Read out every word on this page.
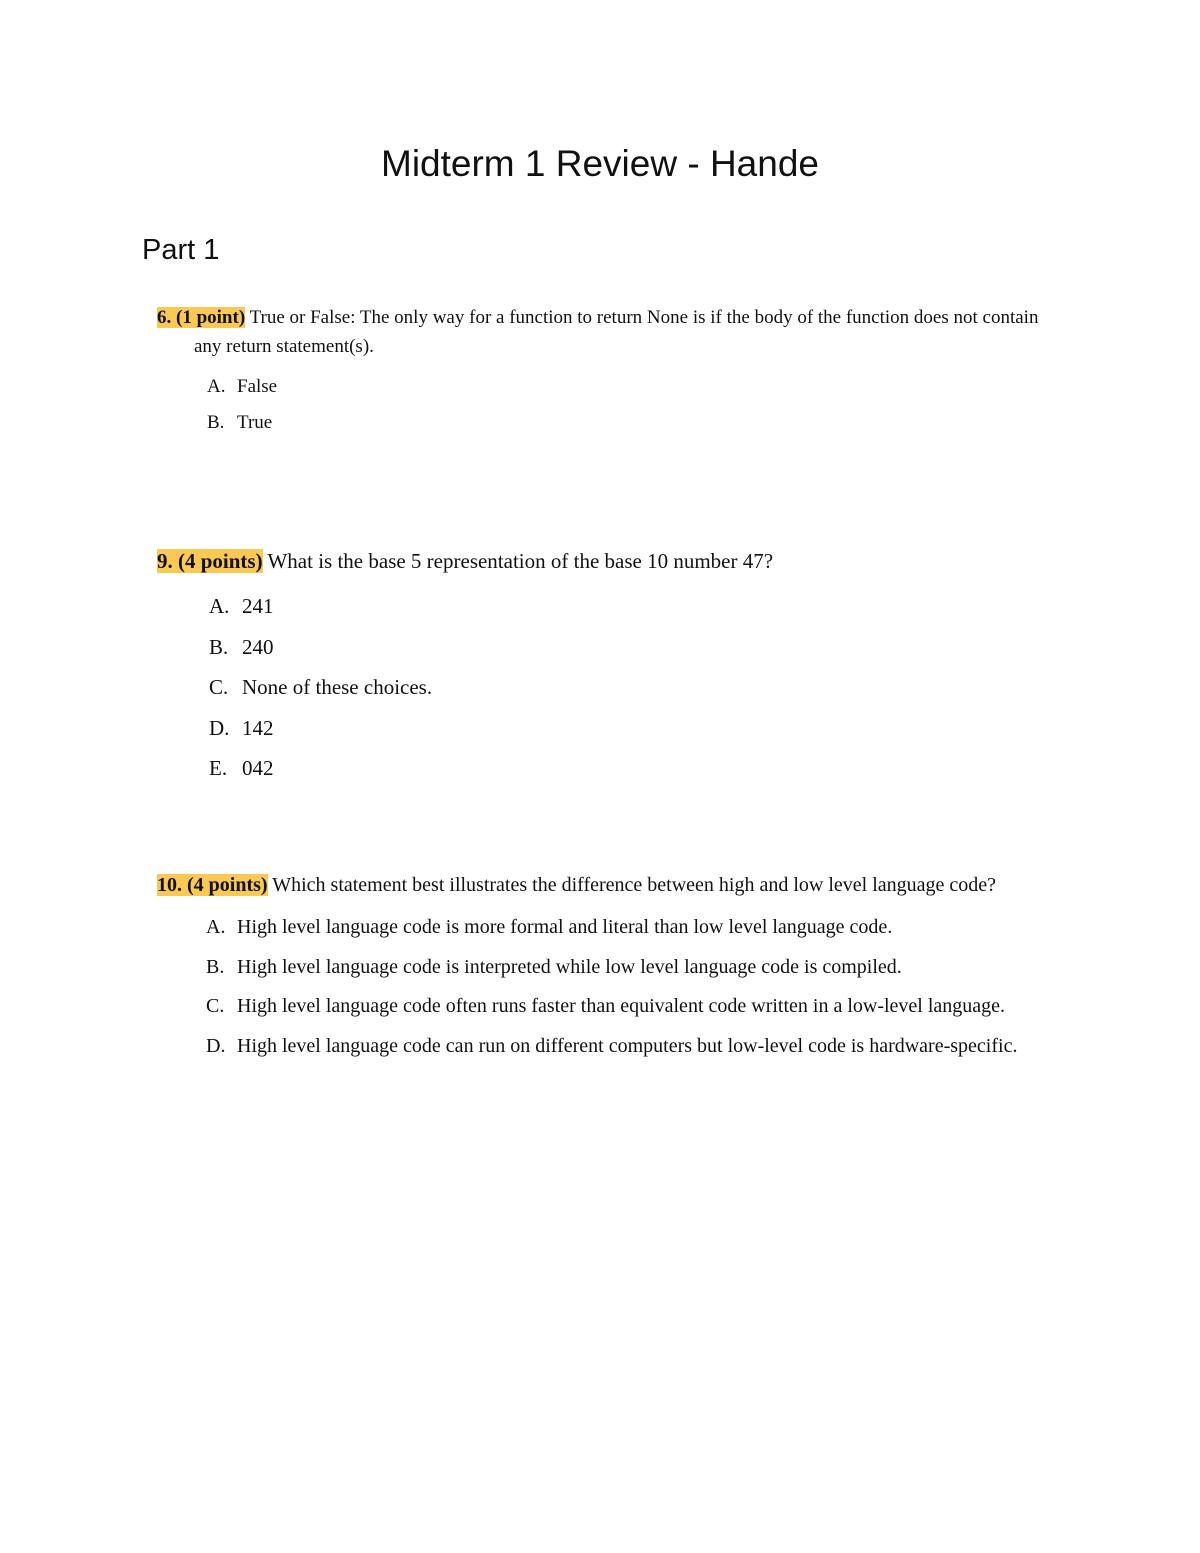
Midterm 1 Review - Hande
Part 1

6. (1 point) True or False: The only way for a function to return None is if the body of the function does not contain any return statement(s).

A. False
B. True

9. (4 points) What is the base 5 representation of the base 10 number 47?

A. 241
B. 240
C. None of these choices.
D. 142
E. 042

10. (4 points) Which statement best illustrates the difference between high and low level language code?

A. High level language code is more formal and literal than low level language code.
B. High level language code is interpreted while low level language code is compiled.
C. High level language code often runs faster than equivalent code written in a low-level language.
D. High level language code can run on different computers but low-level code is hardware-specific.
